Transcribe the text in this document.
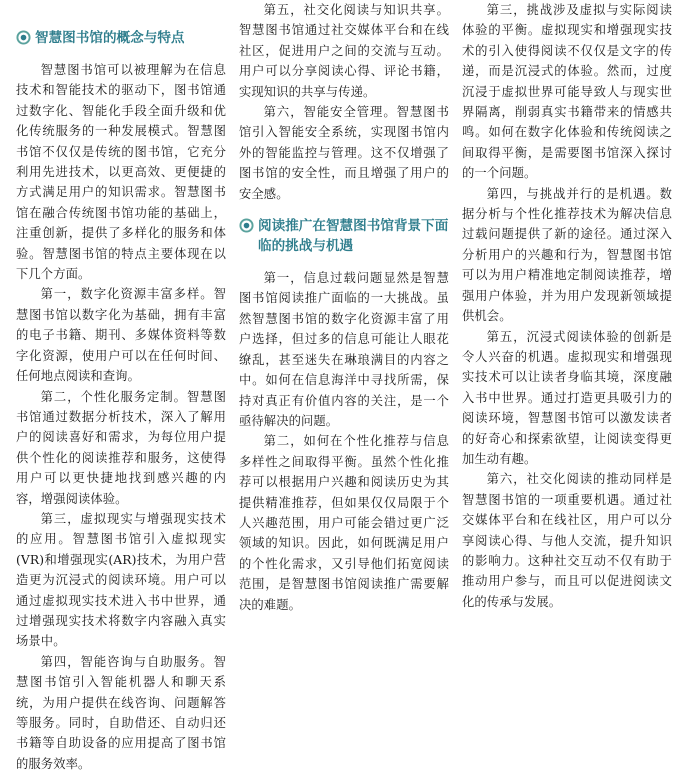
智慧图书馆的概念与特点

智慧图书馆可以被理解为在信息技术和智能技术的驱动下，图书馆通过数字化、智能化手段全面升级和优化传统服务的一种发展模式。智慧图书馆不仅仅是传统的图书馆，它充分利用先进技术，以更高效、更便捷的方式满足用户的知识需求。智慧图书馆在融合传统图书馆功能的基础上，注重创新，提供了多样化的服务和体验。智慧图书馆的特点主要体现在以下几个方面。

第一，数字化资源丰富多样。智慧图书馆以数字化为基础，拥有丰富的电子书籍、期刊、多媒体资料等数字化资源，使用户可以在任何时间、任何地点阅读和查询。

第二，个性化服务定制。智慧图书馆通过数据分析技术，深入了解用户的阅读喜好和需求，为每位用户提供个性化的阅读推荐和服务，这使得用户可以更快捷地找到感兴趣的内容，增强阅读体验。

第三，虚拟现实与增强现实技术的应用。智慧图书馆引入虚拟现实(VR)和增强现实(AR)技术，为用户营造更为沉浸式的阅读环境。用户可以通过虚拟现实技术进入书中世界，通过增强现实技术将数字内容融入真实场景中。

第四，智能咨询与自助服务。智慧图书馆引入智能机器人和聊天系统，为用户提供在线咨询、问题解答等服务。同时，自助借还、自动归还书籍等自助设备的应用提高了图书馆的服务效率。

第五，社交化阅读与知识共享。智慧图书馆通过社交媒体平台和在线社区，促进用户之间的交流与互动。用户可以分享阅读心得、评论书籍，实现知识的共享与传递。

第六，智能安全管理。智慧图书馆引入智能安全系统，实现图书馆内外的智能监控与管理。这不仅增强了图书馆的安全性，而且增强了用户的安全感。

阅读推广在智慧图书馆背景下面临的挑战与机遇

第一，信息过载问题显然是智慧图书馆阅读推广面临的一大挑战。虽然智慧图书馆的数字化资源丰富了用户选择，但过多的信息可能让人眼花缭乱，甚至迷失在琳琅满目的内容之中。如何在信息海洋中寻找所需，保持对真正有价值内容的关注，是一个亟待解决的问题。

第二，如何在个性化推荐与信息多样性之间取得平衡。虽然个性化推荐可以根据用户兴趣和阅读历史为其提供精准推荐，但如果仅仅局限于个人兴趣范围，用户可能会错过更广泛领域的知识。因此，如何既满足用户的个性化需求，又引导他们拓宽阅读范围，是智慧图书馆阅读推广需要解决的难题。

第三，挑战涉及虚拟与实际阅读体验的平衡。虚拟现实和增强现实技术的引入使得阅读不仅仅是文字的传递，而是沉浸式的体验。然而，过度沉浸于虚拟世界可能导致人与现实世界隔离，削弱真实书籍带来的情感共鸣。如何在数字化体验和传统阅读之间取得平衡，是需要图书馆深入探讨的一个问题。

第四，与挑战并行的是机遇。数据分析与个性化推荐技术为解决信息过载问题提供了新的途径。通过深入分析用户的兴趣和行为，智慧图书馆可以为用户精准地定制阅读推荐，增强用户体验，并为用户发现新领域提供机会。

第五，沉浸式阅读体验的创新是令人兴奋的机遇。虚拟现实和增强现实技术可以让读者身临其境，深度融入书中世界。通过打造更具吸引力的阅读环境，智慧图书馆可以激发读者的好奇心和探索欲望，让阅读变得更加生动有趣。

第六，社交化阅读的推动同样是智慧图书馆的一项重要机遇。通过社交媒体平台和在线社区，用户可以分享阅读心得、与他人交流，提升知识的影响力。这种社交互动不仅有助于推动用户参与，而且可以促进阅读文化的传承与发展。
